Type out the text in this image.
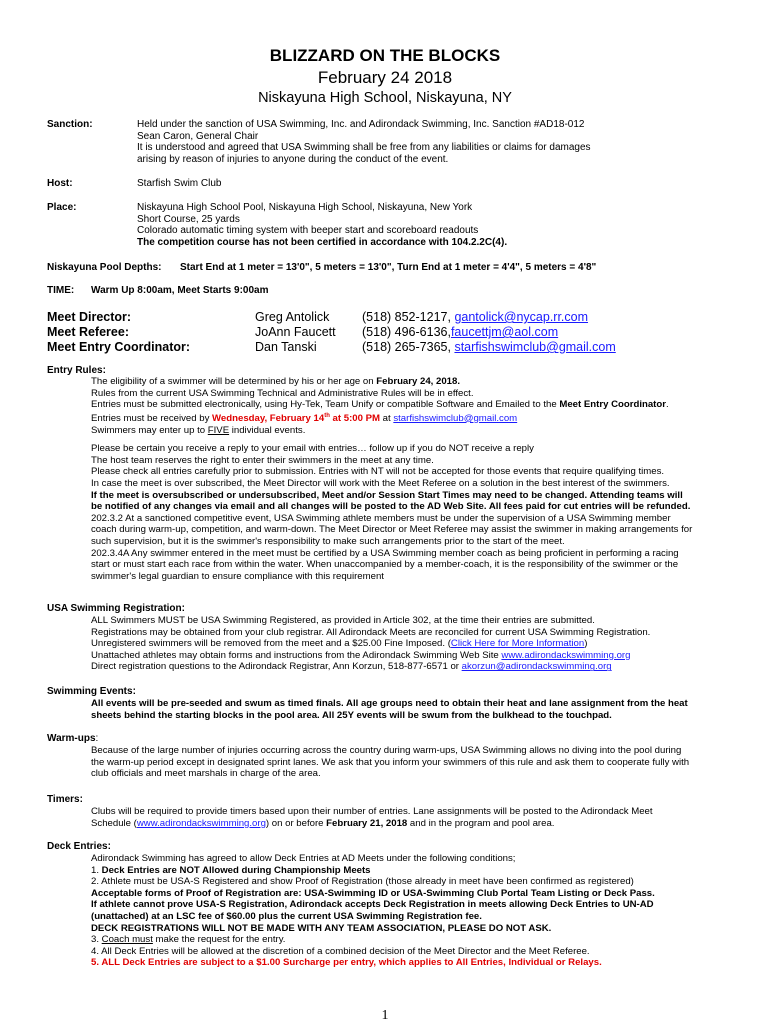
BLIZZARD ON THE BLOCKS
February 24 2018
Niskayuna High School, Niskayuna, NY
Sanction:	Held under the sanction of USA Swimming, Inc. and Adirondack Swimming, Inc. Sanction #AD18-012
Sean Caron, General Chair
It is understood and agreed that USA Swimming shall be free from any liabilities or claims for damages
arising by reason of injuries to anyone during the conduct of the event.
Host:	Starfish Swim Club
Place:	Niskayuna High School Pool, Niskayuna High School, Niskayuna, New York
Short Course, 25 yards
Colorado automatic timing system with beeper start and scoreboard readouts
The competition course has not been certified in accordance with 104.2.2C(4).
Niskayuna Pool Depths: Start End at 1 meter = 13'0", 5 meters = 13'0", Turn End at 1 meter = 4'4", 5 meters = 4'8"
TIME: Warm Up 8:00am, Meet Starts 9:00am
Meet Director:	Greg Antolick	(518) 852-1217, gantolick@nycap.rr.com
Meet Referee:	JoAnn Faucett (518) 496-6136,faucettjm@aol.com
Meet Entry Coordinator:	Dan Tanski	(518) 265-7365, starfishswimclub@gmail.com
Entry Rules:
The eligibility of a swimmer will be determined by his or her age on February 24, 2018.
Rules from the current USA Swimming Technical and Administrative Rules will be in effect.
Entries must be submitted electronically, using Hy-Tek, Team Unify or compatible Software and Emailed to the Meet Entry Coordinator.
Entries must be received by Wednesday, February 14th at 5:00 PM at starfishswimclub@gmail.com
Swimmers may enter up to FIVE individual events.
Please be certain you receive a reply to your email with entries… follow up if you do NOT receive a reply
The host team reserves the right to enter their swimmers in the meet at any time.
Please check all entries carefully prior to submission. Entries with NT will not be accepted for those events that require qualifying times.
In case the meet is over subscribed, the Meet Director will work with the Meet Referee on a solution in the best interest of the swimmers.
If the meet is oversubscribed or undersubscribed, Meet and/or Session Start Times may need to be changed. Attending teams will
be notified of any changes via email and all changes will be posted to the AD Web Site. All fees paid for cut entries will be refunded.
202.3.2 At a sanctioned competitive event, USA Swimming athlete members must be under the supervision of a USA Swimming member
coach during warm-up, competition, and warm-down. The Meet Director or Meet Referee may assist the swimmer in making arrangements for
such supervision, but it is the swimmer's responsibility to make such arrangements prior to the start of the meet.
202.3.4A Any swimmer entered in the meet must be certified by a USA Swimming member coach as being proficient in performing a racing
start or must start each race from within the water. When unaccompanied by a member-coach, it is the responsibility of the swimmer or the
swimmer's legal guardian to ensure compliance with this requirement
USA Swimming Registration:
ALL Swimmers MUST be USA Swimming Registered, as provided in Article 302, at the time their entries are submitted.
Registrations may be obtained from your club registrar. All Adirondack Meets are reconciled for current USA Swimming Registration.
Unregistered swimmers will be removed from the meet and a $25.00 Fine Imposed. (Click Here for More Information)
Unattached athletes may obtain forms and instructions from the Adirondack Swimming Web Site www.adirondackswimming.org
Direct registration questions to the Adirondack Registrar, Ann Korzun, 518-877-6571 or akorzun@adirondackswimming.org
Swimming Events:
All events will be pre-seeded and swum as timed finals. All age groups need to obtain their heat and lane assignment from the heat
sheets behind the starting blocks in the pool area. All 25Y events will be swum from the bulkhead to the touchpad.
Warm-ups:
Because of the large number of injuries occurring across the country during warm-ups, USA Swimming allows no diving into the pool during
the warm-up period except in designated sprint lanes. We ask that you inform your swimmers of this rule and ask them to cooperate fully with
club officials and meet marshals in charge of the area.
Timers:
Clubs will be required to provide timers based upon their number of entries. Lane assignments will be posted to the Adirondack Meet
Schedule (www.adirondackswimming.org) on or before February 21, 2018 and in the program and pool area.
Deck Entries:
Adirondack Swimming has agreed to allow Deck Entries at AD Meets under the following conditions;
1. Deck Entries are NOT Allowed during Championship Meets
2. Athlete must be USA-S Registered and show Proof of Registration (those already in meet have been confirmed as registered)
Acceptable forms of Proof of Registration are: USA-Swimming ID or USA-Swimming Club Portal Team Listing or Deck Pass.
If athlete cannot prove USA-S Registration, Adirondack accepts Deck Registration in meets allowing Deck Entries to UN-AD
(unattached) at an LSC fee of $60.00 plus the current USA Swimming Registration fee.
DECK REGISTRATIONS WILL NOT BE MADE WITH ANY TEAM ASSOCIATION, PLEASE DO NOT ASK.
3. Coach must make the request for the entry.
4. All Deck Entries will be allowed at the discretion of a combined decision of the Meet Director and the Meet Referee.
5. ALL Deck Entries are subject to a $1.00 Surcharge per entry, which applies to All Entries, Individual or Relays.
1
